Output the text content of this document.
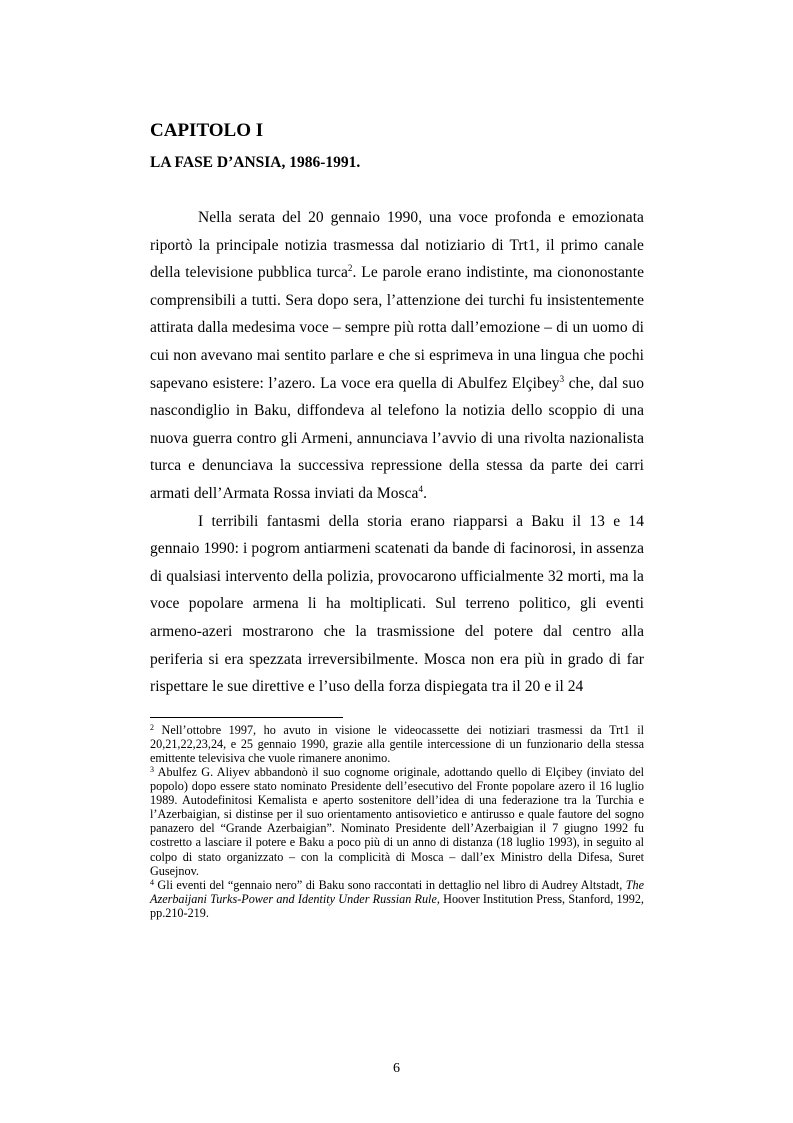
CAPITOLO I
LA FASE D’ANSIA, 1986-1991.

Nella serata del 20 gennaio 1990, una voce profonda e emozionata riportò la principale notizia trasmessa dal notiziario di Trt1, il primo canale della televisione pubblica turca$^2$. Le parole erano indistinte, ma ciononostante comprensibili a tutti. Sera dopo sera, l’attenzione dei turchi fu insistentemente attirata dalla medesima voce – sempre più rotta dall’emozione – di un uomo di cui non avevano mai sentito parlare e che si esprimeva in una lingua che pochi sapevano esistere: l’azero. La voce era quella di Abulfez Elçibey$^3$ che, dal suo nascondiglio in Baku, diffondeva al telefono la notizia dello scoppio di una nuova guerra contro gli Armeni, annunciava l’avvio di una rivolta nazionalista turca e denunciava la successiva repressione della stessa da parte dei carri armati dell’Armata Rossa inviati da Mosca$^4$.

I terribili fantasmi della storia erano riapparsi a Baku il 13 e 14 gennaio 1990: i pogrom antiarmeni scatenati da bande di facinorosi, in assenza di qualsiasi intervento della polizia, provocarono ufficialmente 32 morti, ma la voce popolare armena li ha moltiplicati. Sul terreno politico, gli eventi armeno-azeri mostrarono che la trasmissione del potere dal centro alla periferia si era spezzata irreversibilmente. Mosca non era più in grado di far rispettare le sue direttive e l’uso della forza dispiegata tra il 20 e il 24

$^2$ Nell’ottobre 1997, ho avuto in visione le videocassette dei notiziari trasmessi da Trt1 il 20,21,22,23,24, e 25 gennaio 1990, grazie alla gentile intercessione di un funzionario della stessa emittente televisiva che vuole rimanere anonimo.

$^3$ Abulfez G. Aliyev abbandonò il suo cognome originale, adottando quello di Elçibey (inviato del popolo) dopo essere stato nominato Presidente dell’esecutivo del Fronte popolare azero il 16 luglio 1989. Autodefinitosi Kemalista e aperto sostenitore dell’idea di una federazione tra la Turchia e l’Azerbaigian, si distinse per il suo orientamento antisovietico e antirusso e quale fautore del sogno panazero del “Grande Azerbaigian”. Nominato Presidente dell’Azerbaigian il 7 giugno 1992 fu costretto a lasciare il potere e Baku a poco più di un anno di distanza (18 luglio 1993), in seguito al colpo di stato organizzato – con la complicità di Mosca – dall’ex Ministro della Difesa, Suret Gusejnov.

$^4$ Gli eventi del “gennaio nero” di Baku sono raccontati in dettaglio nel libro di Audrey Altstadt, The Azerbaijani Turks-Power and Identity Under Russian Rule, Hoover Institution Press, Stanford, 1992, pp.210-219.

6
